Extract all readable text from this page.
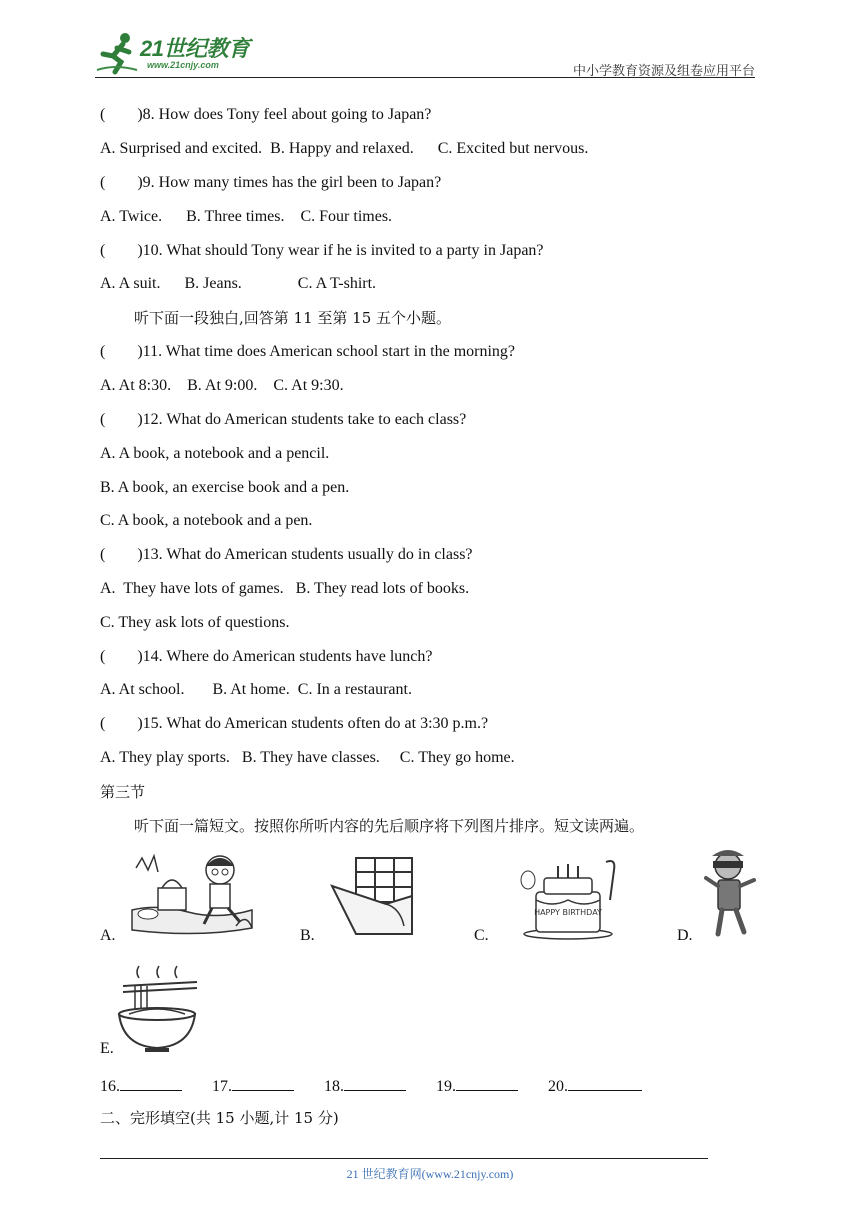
21世纪教育
www.21cnjy.com	中小学教育资源及组卷应用平台
(        )8. How does Tony feel about going to Japan?
A. Surprised and excited.  B. Happy and relaxed.      C. Excited but nervous.
(        )9. How many times has the girl been to Japan?
A. Twice.      B. Three times.    C. Four times.
(        )10. What should Tony wear if he is invited to a party in Japan?
A. A suit.      B. Jeans.              C. A T-shirt.
听下面一段独白,回答第 11 至第 15 五个小题。
(        )11. What time does American school start in the morning?
A. At 8:30.    B. At 9:00.    C. At 9:30.
(        )12. What do American students take to each class?
A. A book, a notebook and a pencil.
B. A book, an exercise book and a pen.
C. A book, a notebook and a pen.
(        )13. What do American students usually do in class?
A.  They have lots of games.   B. They read lots of books.
C. They ask lots of questions.
(        )14. Where do American students have lunch?
A. At school.       B. At home.  C. In a restaurant.
(        )15. What do American students often do at 3:30 p.m.?
A. They play sports.   B. They have classes.     C. They go home.
第三节
听下面一篇短文。按照你所听内容的先后顺序将下列图片排序。短文读两遍。
A.	B.	C.
HAPPY BIRTHDAY
D.
E.
16.	17.	18.	19.	20.
二、完形填空(共 15 小题,计 15 分)
21 世纪教育网(www.21cnjy.com)
